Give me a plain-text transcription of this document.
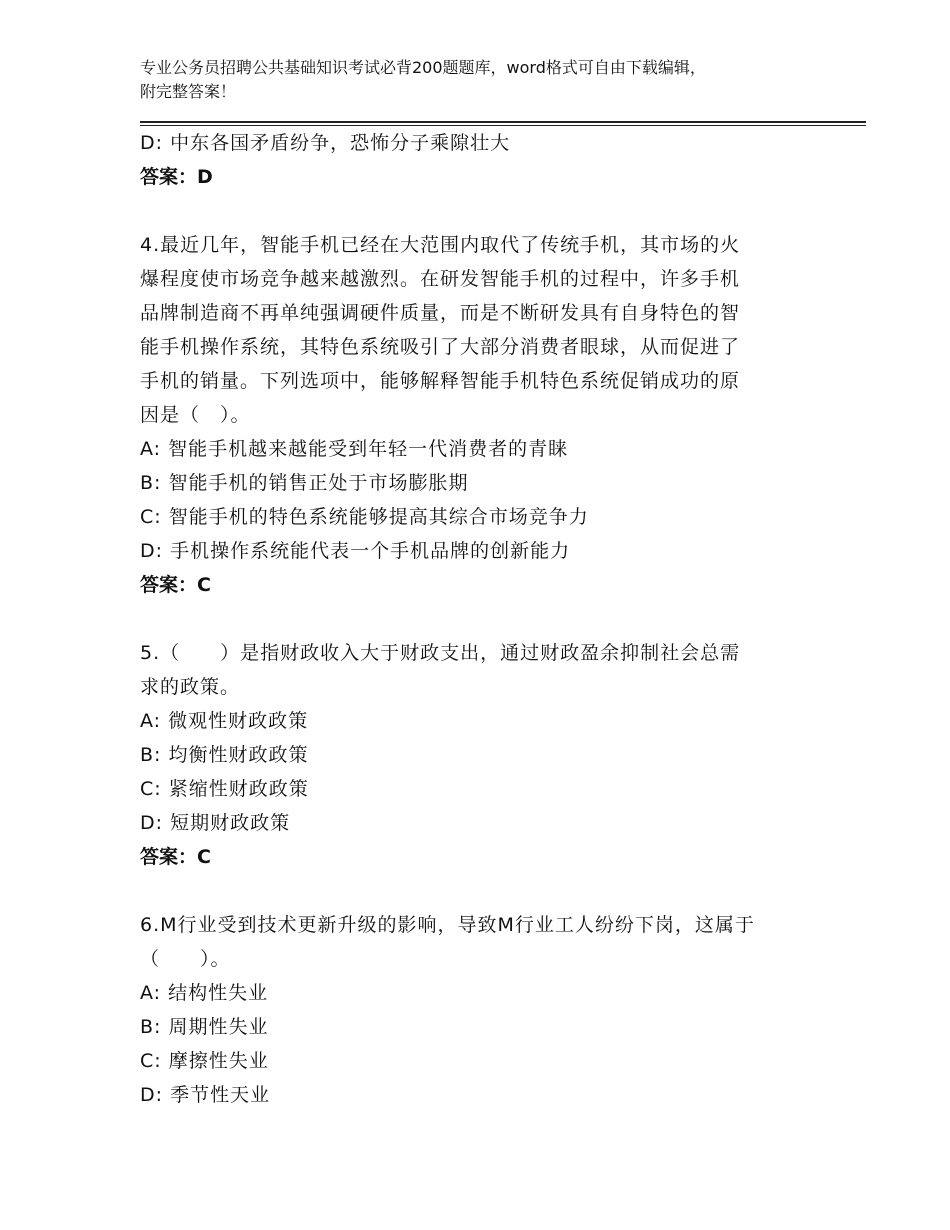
专业公务员招聘公共基础知识考试必背200题题库，word格式可自由下载编辑，
附完整答案！
D: 中东各国矛盾纷争，恐怖分子乘隙壮大
答案：D
4.最近几年，智能手机已经在大范围内取代了传统手机，其市场的火
爆程度使市场竞争越来越激烈。在研发智能手机的过程中，许多手机
品牌制造商不再单纯强调硬件质量，而是不断研发具有自身特色的智
能手机操作系统，其特色系统吸引了大部分消费者眼球，从而促进了
手机的销量。下列选项中，能够解释智能手机特色系统促销成功的原
因是（　）。
A: 智能手机越来越能受到年轻一代消费者的青睐
B: 智能手机的销售正处于市场膨胀期
C: 智能手机的特色系统能够提高其综合市场竞争力
D: 手机操作系统能代表一个手机品牌的创新能力
答案：C
5.（　　）是指财政收入大于财政支出，通过财政盈余抑制社会总需
求的政策。
A: 微观性财政政策
B: 均衡性财政政策
C: 紧缩性财政政策
D: 短期财政政策
答案：C
6.M行业受到技术更新升级的影响，导致M行业工人纷纷下岗，这属于
（　　）。
A: 结构性失业
B: 周期性失业
C: 摩擦性失业
D: 季节性天业
